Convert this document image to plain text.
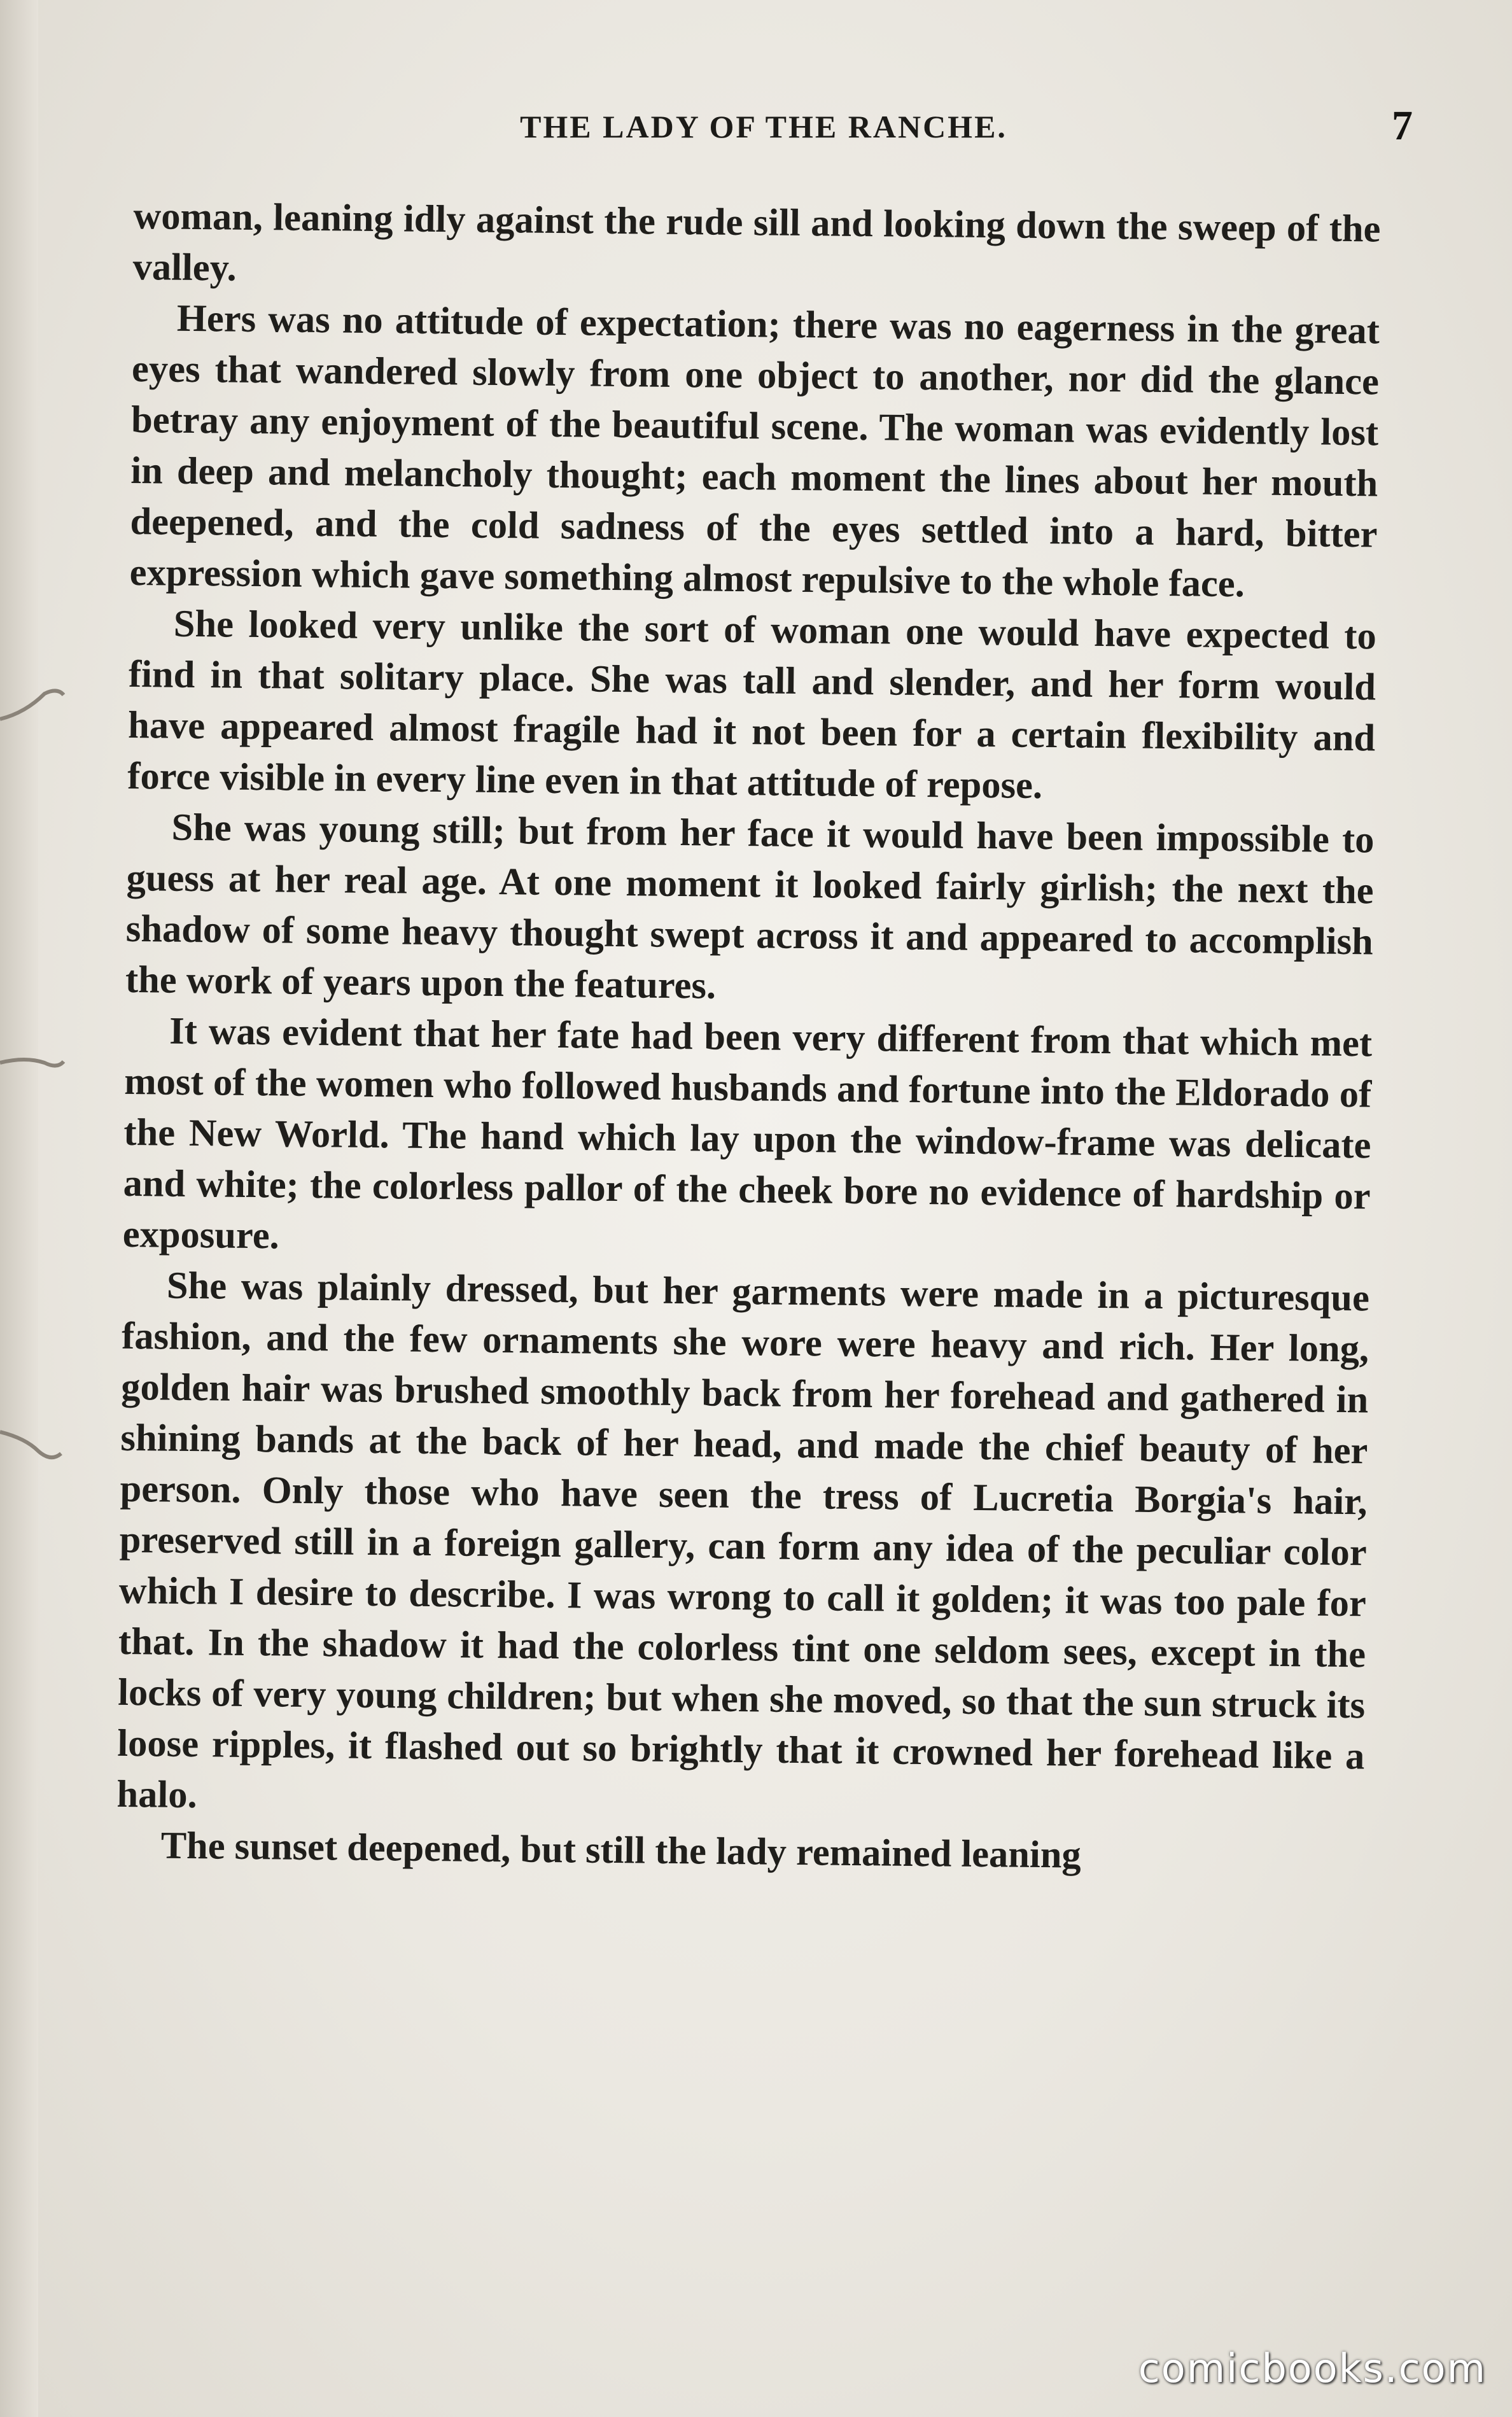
THE LADY OF THE RANCHE.	7

woman, leaning idly against the rude sill and looking down the sweep of the valley.

Hers was no attitude of expectation; there was no eagerness in the great eyes that wandered slowly from one object to another, nor did the glance betray any enjoyment of the beautiful scene. The woman was evidently lost in deep and melancholy thought; each moment the lines about her mouth deepened, and the cold sadness of the eyes settled into a hard, bitter expression which gave something almost repulsive to the whole face.

She looked very unlike the sort of woman one would have expected to find in that solitary place. She was tall and slender, and her form would have appeared almost fragile had it not been for a certain flexibility and force visible in every line even in that attitude of repose.

She was young still; but from her face it would have been impossible to guess at her real age. At one moment it looked fairly girlish; the next the shadow of some heavy thought swept across it and appeared to accomplish the work of years upon the features.

It was evident that her fate had been very different from that which met most of the women who followed husbands and fortune into the Eldorado of the New World. The hand which lay upon the window-frame was delicate and white; the colorless pallor of the cheek bore no evidence of hardship or exposure.

She was plainly dressed, but her garments were made in a picturesque fashion, and the few ornaments she wore were heavy and rich. Her long, golden hair was brushed smoothly back from her forehead and gathered in shining bands at the back of her head, and made the chief beauty of her person. Only those who have seen the tress of Lucretia Borgia's hair, preserved still in a foreign gallery, can form any idea of the peculiar color which I desire to describe. I was wrong to call it golden; it was too pale for that. In the shadow it had the colorless tint one seldom sees, except in the locks of very young children; but when she moved, so that the sun struck its loose ripples, it flashed out so brightly that it crowned her forehead like a halo.

The sunset deepened, but still the lady remained leaning

comicbooks.com
